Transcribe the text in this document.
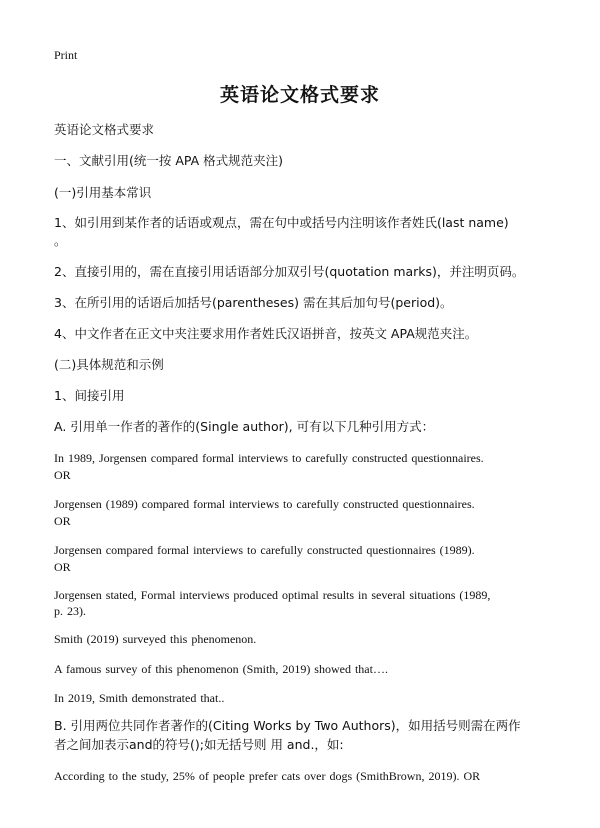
Print
英语论文格式要求
英语论文格式要求
一、文献引用(统一按 APA 格式规范夹注)
(一)引用基本常识
1、如引用到某作者的话语或观点，需在句中或括号内注明该作者姓氏(last name)
。
2、直接引用的，需在直接引用话语部分加双引号(quotation marks)，并注明页码。
3、在所引用的话语后加括号(parentheses) 需在其后加句号(period)。
4、中文作者在正文中夹注要求用作者姓氏汉语拼音，按英文 APA规范夹注。
(二)具体规范和示例
1、间接引用
A. 引用单一作者的著作的(Single author), 可有以下几种引用方式：
In 1989, Jorgensen compared formal interviews to carefully constructed questionnaires.
OR
Jorgensen (1989) compared formal interviews to carefully constructed questionnaires.
OR
Jorgensen compared formal interviews to carefully constructed questionnaires (1989).
OR
Jorgensen stated, Formal interviews produced optimal results in several situations (1989,
p. 23).
Smith (2019) surveyed this phenomenon.
A famous survey of this phenomenon (Smith, 2019) showed that….
In 2019, Smith demonstrated that..
B. 引用两位共同作者著作的(Citing Works by Two Authors)，如用括号则需在两作
者之间加表示and的符号();如无括号则 用 and.，如:
According to the study, 25% of people prefer cats over dogs (SmithBrown, 2019). OR
